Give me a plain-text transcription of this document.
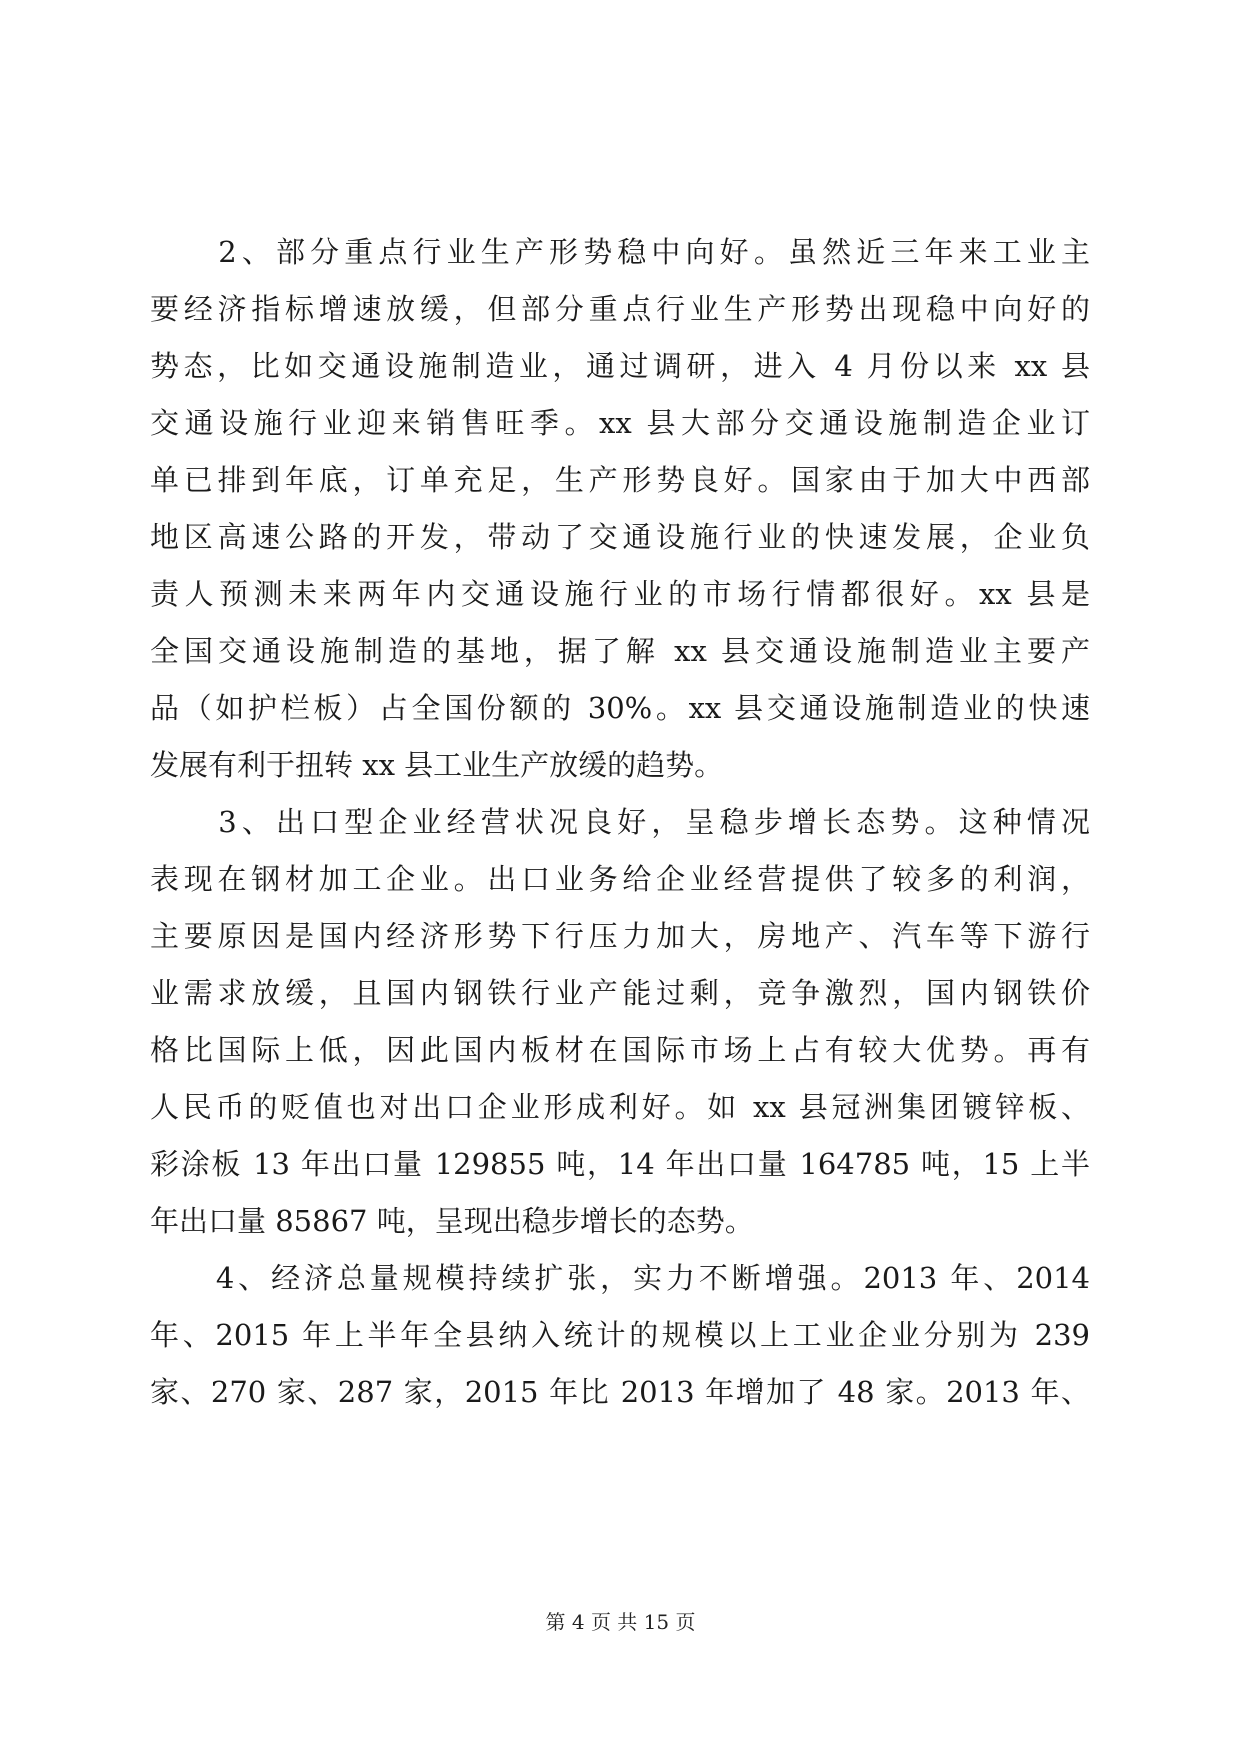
　　2、部分重点行业生产形势稳中向好。虽然近三年来工业主
要经济指标增速放缓，但部分重点行业生产形势出现稳中向好的
势态，比如交通设施制造业，通过调研，进入 4 月份以来 xx 县
交通设施行业迎来销售旺季。xx 县大部分交通设施制造企业订
单已排到年底，订单充足，生产形势良好。国家由于加大中西部
地区高速公路的开发，带动了交通设施行业的快速发展，企业负
责人预测未来两年内交通设施行业的市场行情都很好。xx 县是
全国交通设施制造的基地，据了解 xx 县交通设施制造业主要产
品（如护栏板）占全国份额的 30%。xx 县交通设施制造业的快速
发展有利于扭转 xx 县工业生产放缓的趋势。
　　3、出口型企业经营状况良好，呈稳步增长态势。这种情况
表现在钢材加工企业。出口业务给企业经营提供了较多的利润，
主要原因是国内经济形势下行压力加大，房地产、汽车等下游行
业需求放缓，且国内钢铁行业产能过剩，竞争激烈，国内钢铁价
格比国际上低，因此国内板材在国际市场上占有较大优势。再有
人民币的贬值也对出口企业形成利好。如 xx 县冠洲集团镀锌板、
彩涂板 13 年出口量 129855 吨，14 年出口量 164785 吨，15 上半
年出口量 85867 吨，呈现出稳步增长的态势。
　　4、经济总量规模持续扩张，实力不断增强。2013 年、2014
年、2015 年上半年全县纳入统计的规模以上工业企业分别为 239
家、270 家、287 家，2015 年比 2013 年增加了 48 家。2013 年、
第 4 页 共 15 页
